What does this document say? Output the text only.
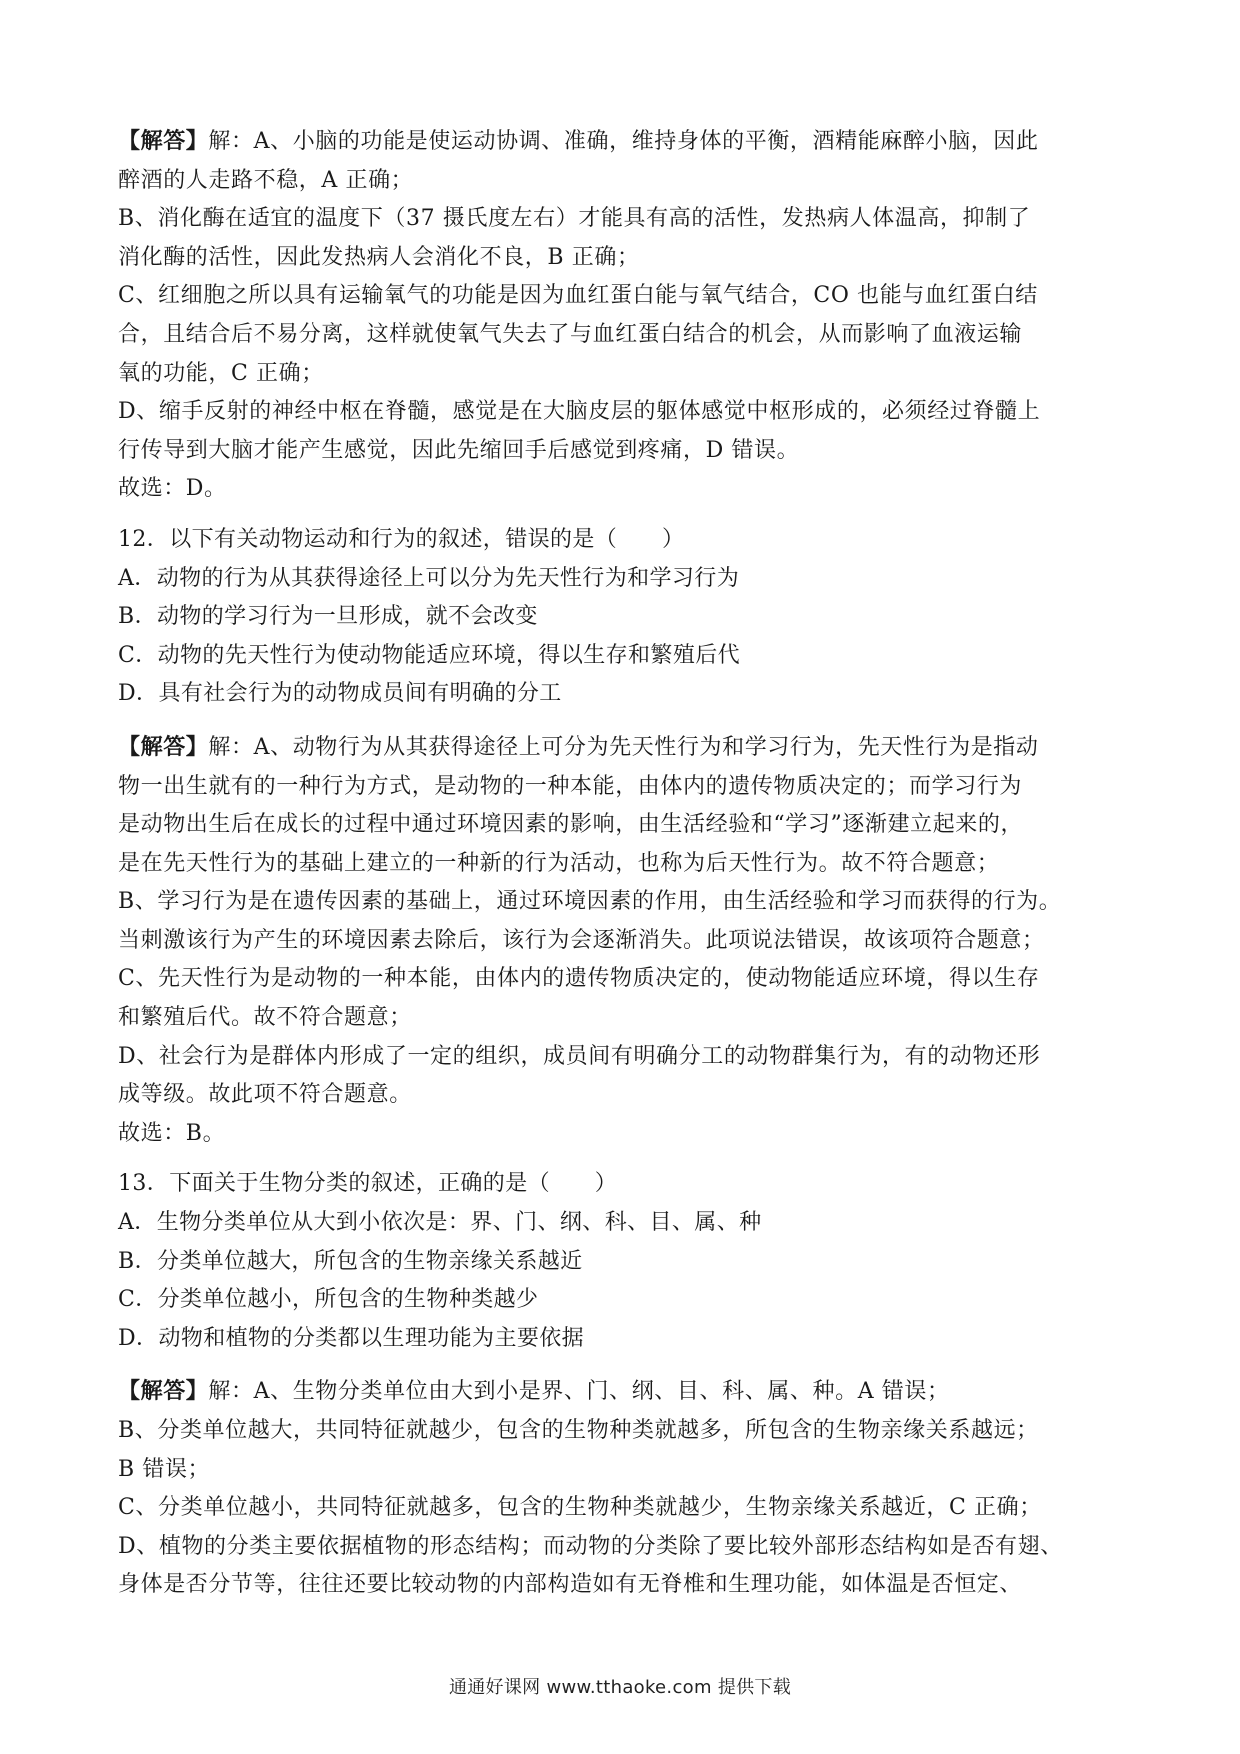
【解答】解：A、小脑的功能是使运动协调、准确，维持身体的平衡，酒精能麻醉小脑，因此

醉酒的人走路不稳，A 正确；

B、消化酶在适宜的温度下（37 摄氏度左右）才能具有高的活性，发热病人体温高，抑制了

消化酶的活性，因此发热病人会消化不良，B 正确；

C、红细胞之所以具有运输氧气的功能是因为血红蛋白能与氧气结合，CO 也能与血红蛋白结

合，且结合后不易分离，这样就使氧气失去了与血红蛋白结合的机会，从而影响了血液运输

氧的功能，C 正确；

D、缩手反射的神经中枢在脊髓，感觉是在大脑皮层的躯体感觉中枢形成的，必须经过脊髓上

行传导到大脑才能产生感觉，因此先缩回手后感觉到疼痛，D 错误。

故选：D。

12．以下有关动物运动和行为的叙述，错误的是（　　）

A．动物的行为从其获得途径上可以分为先天性行为和学习行为

B．动物的学习行为一旦形成，就不会改变

C．动物的先天性行为使动物能适应环境，得以生存和繁殖后代

D．具有社会行为的动物成员间有明确的分工

【解答】解：A、动物行为从其获得途径上可分为先天性行为和学习行为，先天性行为是指动

物一出生就有的一种行为方式，是动物的一种本能，由体内的遗传物质决定的；而学习行为

是动物出生后在成长的过程中通过环境因素的影响，由生活经验和“学习”逐渐建立起来的，

是在先天性行为的基础上建立的一种新的行为活动，也称为后天性行为。故不符合题意；

B、学习行为是在遗传因素的基础上，通过环境因素的作用，由生活经验和学习而获得的行为。

当刺激该行为产生的环境因素去除后，该行为会逐渐消失。此项说法错误，故该项符合题意；

C、先天性行为是动物的一种本能，由体内的遗传物质决定的，使动物能适应环境，得以生存

和繁殖后代。故不符合题意；

D、社会行为是群体内形成了一定的组织，成员间有明确分工的动物群集行为，有的动物还形

成等级。故此项不符合题意。

故选：B。

13．下面关于生物分类的叙述，正确的是（　　）

A．生物分类单位从大到小依次是：界、门、纲、科、目、属、种

B．分类单位越大，所包含的生物亲缘关系越近

C．分类单位越小，所包含的生物种类越少

D．动物和植物的分类都以生理功能为主要依据

【解答】解：A、生物分类单位由大到小是界、门、纲、目、科、属、种。A 错误；

B、分类单位越大，共同特征就越少，包含的生物种类就越多，所包含的生物亲缘关系越远；

B 错误；

C、分类单位越小，共同特征就越多，包含的生物种类就越少，生物亲缘关系越近，C 正确；

D、植物的分类主要依据植物的形态结构；而动物的分类除了要比较外部形态结构如是否有翅、

身体是否分节等，往往还要比较动物的内部构造如有无脊椎和生理功能，如体温是否恒定、

通通好课网 www.tthaoke.com 提供下载
